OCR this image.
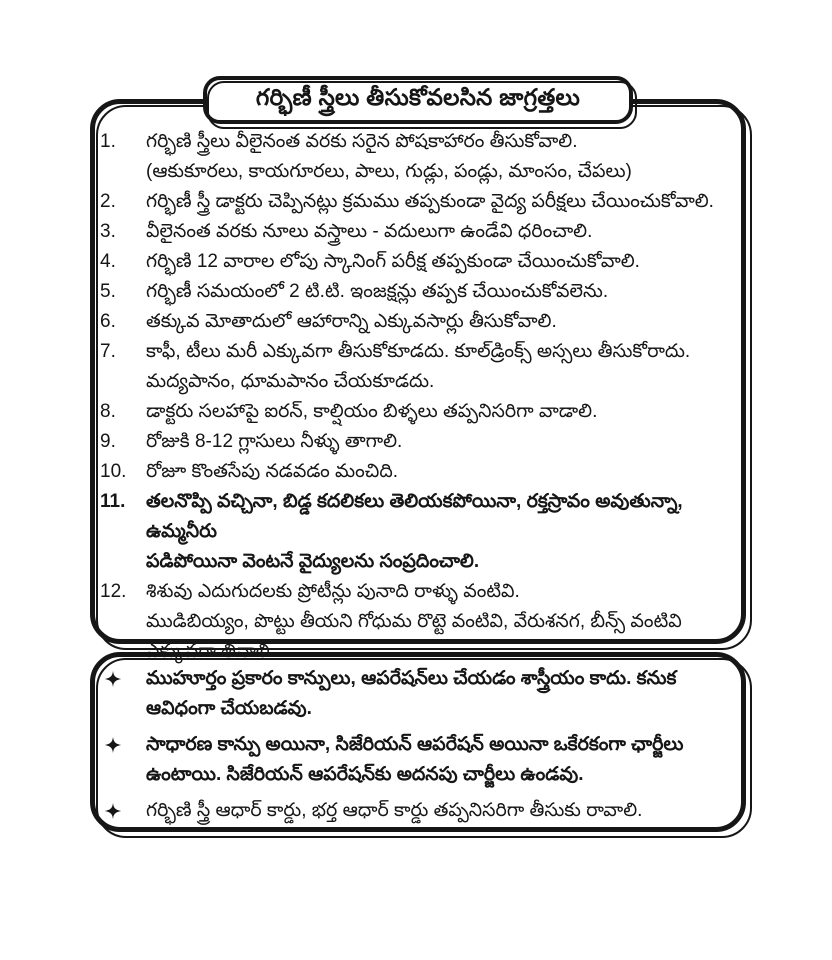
గర్భిణీ స్త్రీలు తీసుకోవలసిన జాగ్రత్తలు
1.	గర్భిణి స్త్రీలు వీలైనంత వరకు సరైన పోషకాహారం తీసుకోవాలి.
(ఆకుకూరలు, కాయగూరలు, పాలు, గుడ్లు, పండ్లు, మాంసం, చేపలు)
2.	గర్భిణీ స్త్రీ డాక్టరు చెప్పినట్లు క్రమము తప్పకుండా వైద్య పరీక్షలు చేయించుకోవాలి.
3.	వీలైనంత వరకు నూలు వస్త్రాలు - వదులుగా ఉండేవి ధరించాలి.
4.	గర్భిణి 12 వారాల లోపు స్కానింగ్ పరీక్ష తప్పకుండా చేయించుకోవాలి.
5.	గర్భిణీ సమయంలో 2 టి.టి. ఇంజక్షన్లు తప్పక చేయించుకోవలెను.
6.	తక్కువ మోతాదులో ఆహారాన్ని ఎక్కువసార్లు తీసుకోవాలి.
7.	కాఫీ, టీలు మరీ ఎక్కువగా తీసుకోకూడదు. కూల్‌డ్రింక్స్ అస్సలు తీసుకోరాదు.
మద్యపానం, ధూమపానం చేయకూడదు.
8.	డాక్టరు సలహాపై ఐరన్, కాల్షియం బిళ్ళలు తప్పనిసరిగా వాడాలి.
9.	రోజుకి 8-12 గ్లాసులు నీళ్ళు తాగాలి.
10.	రోజూ కొంతసేపు నడవడం మంచిది.
11.	తలనొప్పి వచ్చినా, బిడ్డ కదలికలు తెలియకపోయినా, రక్తస్రావం అవుతున్నా, ఉమ్మనీరు
పడిపోయినా వెంటనే వైద్యులను సంప్రదించాలి.
12.	శిశువు ఎదుగుదలకు ప్రోటీన్లు పునాది రాళ్ళు వంటివి.
ముడిబియ్యం, పొట్టు తీయని గోధుమ రొట్టె వంటివి, వేరుశనగ, బీన్స్ వంటివి
ఎక్కువగా తినాలి.
ముహూర్తం ప్రకారం కాన్పులు, ఆపరేషన్‌లు చేయడం శాస్త్రీయం కాదు. కనుక
ఆవిధంగా చేయబడవు.
సాధారణ కాన్పు అయినా, సిజేరియన్ ఆపరేషన్ అయినా ఒకేరకంగా ఛార్జీలు
ఉంటాయి. సిజేరియన్ ఆపరేషన్‌కు అదనపు చార్జీలు ఉండవు.
గర్భిణి స్త్రీ ఆధార్ కార్డు, భర్త ఆధార్ కార్డు తప్పనిసరిగా తీసుకు రావాలి.
